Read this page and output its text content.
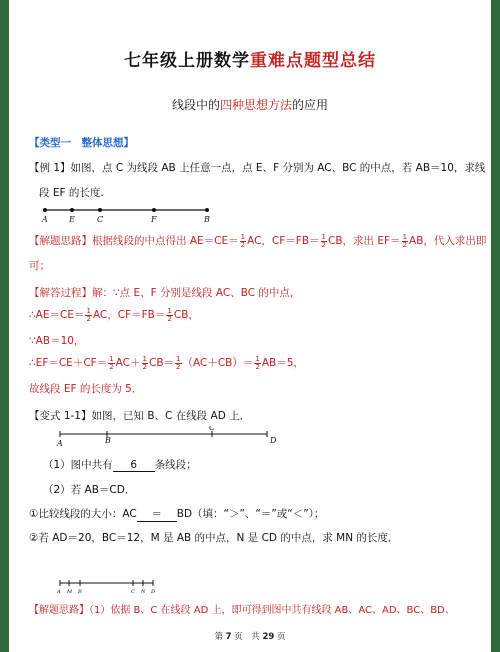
七年级上册数学重难点题型总结
线段中的四种思想方法的应用
【类型一　整体思想】
【例 1】如图，点 C 为线段 AB 上任意一点，点 E、F 分别为 AC、BC 的中点，若 AB＝10，求线
段 EF 的长度.
A	E	C	F	B
【解题思路】根据线段的中点得出 $AE=CE= \frac{1}{2}$ AC，$CF=FB= \frac{1}{2}$ CB，求出 $EF= \frac{1}{2}$ AB，代入求出即
可；
【解答过程】解：∵点 E、F 分别是线段 AC、BC 的中点，
∴AE＝CE＝ $\frac{1}{2}$ AC，$CF=FB= \frac{1}{2}$ CB，
∵AB＝10，
∴EF＝CE＋CF＝ $\frac{1}{2} AC+ \frac{1}{2} CB= \frac{1}{2} (AC+CB)= \frac{1}{2} AB=5$，
故线段 EF 的长度为 5．
【变式 1-1】如图，已知 B、C 在线段 AD 上．
A	B
C
D
（1）图中共有 6 条线段；
（2）若 AB＝CD．
①比较线段的大小：AC ＝ BD（填：“＞”、“＝”或“＜”）；
②若 AD＝20，BC＝12，M 是 AB 的中点，N 是 CD 的中点，求 MN 的长度．
A M B	C N D
【解题思路】（1）依据 B、C 在线段 AD 上，即可得到图中共有线段 AB、AC、AD、BC、BD、
第 7 页　共 29 页
